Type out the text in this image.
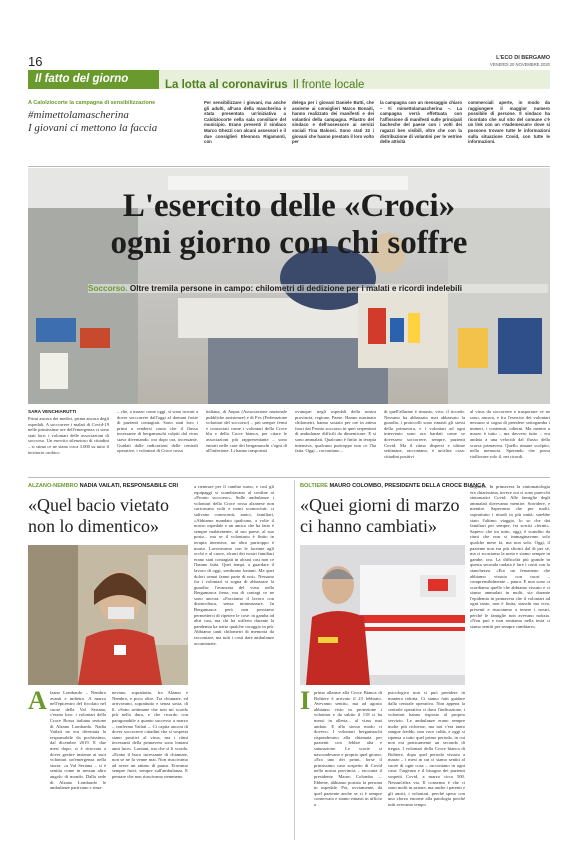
16	L'ECO DI BERGAMO
VENERDÌ 20 NOVEMBRE 2020
Il fatto del giorno	La lotta al coronavirus Il fronte locale
A Calolziocorte la campagna di sensibilizzazione
#mimettolamascherina
I giovani ci mettono la faccia
Per sensibilizzare i giovani, ma anche gli adulti, all'uso della mascherina è stata presentata un'iniziativa a Calolziocorte nella sala consiliare del municipio. Erano presenti il sindaco Marco Ghezzi con alcuni assessori e il due consiglieri Eleonora Rigamonti, con
delega per i giovani Daniele Butti, che assieme ai consiglieri Marco Bonaiti, hanno realizzato dei manifesti e dei volantini della campagna. Pilastro del sindaco e dell'assessore ai servizi sociali Tina Balossi. Sono stati 32 i giovani che hanno prestato il loro volto per
la campagna con un messaggio chiaro – #i mimettolamascherina –. La campagna verrà effettuata con l'affissione di manifesti sulle principali bacheche del paese con i volti dei ragazzi ben visibili, oltre che con la distribuzione di volantini per le vetrine delle attività
commerciali aperte, in modo da raggiungere il maggior numero possibile di persone. Il sindaco ha ricordato che sul sito del comune c'è un link con un «Vademecum» dove si possono trovare tutte le informazioni sulla situazione Covid, con tutte le informazioni.
L'esercito delle «Croci»
ogni giorno con chi soffre
Soccorso. Oltre tremila persone in campo: chilometri di dedizione per i malati e ricordi indelebili
SARA VENCHIARUTTI
Primi ancora dei medici, prima ancora degli ospedali. A soccorrere i malati di Covid-19 nelle primissime ore dell'emergenza ci sono stati loro: i volontari delle associazioni di soccorso. Un esercito silenzioso di cittadini – si stima ce ne siano circa 3.000 su tutto il territorio orobico
– che, a marzo come oggi, si sono trovati a dover soccorrere dall'oggi al domani frotte di pazienti contagiati. Sono stati loro i primi a rendersi conto che il flusso incessante di bergamaschi colpiti dal virus stava diventando, ora dopo ora, incessante. Guidati dalle indicazioni delle centrali operative, i volontari di Croce rossa
italiana, di Anpas (Associazione nazionale pubbliche assistenze) e di Fvs (Federazione volontari del soccorso) – più sempre fermi e consociati come i volontari della Croce blu e della Croce bianca, per citare le associazioni più rappresentante – sono entrati nelle case dei bergamaschi c'ogni dì all'infezione. Li hanno trasportati
ovunque: negli ospedali della nostra provincia, regione, Paese. Hanno macinato chilometri, hanno sostato per ore in attesa fuori dai Pronto soccorso in quei serpentoni di ambulanze difficili da dimenticare. E si sono ammalati. Qualcuno è finito in terapia intensiva, qualcuno purtroppo non ce l'ha fatta. Oggi – raccontano –
di quell'allarme è rimasto, vivo, il ricordo. Nessuno ha abbassato mai abbassato la guardia, i protocolli sono rimasti gli stessi della primavera, e i volontari ad ogni intervento sono ora bardati come se dovessero soccorrere, sempre, pazienti Covid. Ma il ritmo dispersi e ultime settimane, raccontano, è un'altra cosa: cittadini positivi
al virus da soccorrere e trasportare ce ne sono, ancora, e fra l'esercito dei volontari nessuno si sogna di prendere sottogamba i numeri, i contenuti, odierni. Ma mentre a marzo è tutto – ma davvero tutto – era andata a una velocità dal flusso della scorsa primavera. Quello rimane scolpito, nella memoria. Sperando che possa riaffiorare solo il, nei ricordi.
ALZANO-NEMBRO NADIA VAILATI, RESPONSABILE CRI
«Quel bacio vietato
non lo dimentico»
a rientrare per il cambio turno, e così gli equipaggi si scambiavano al confine ai «Pronto soccorso». Sulle ambulanze i volontari della Croce rossa alzanese non caricavano volti e nomi sconosciuti: ci salivano conoscenti, amici, familiari, «Abbiamo mandato qualcuno, a volte il nostro ospedale e un amico che ha fatto è sempre malatenente, al suo paese, al suo posto... ma se il volontario è finito in terapia intensiva, un altro purtroppo è morto. Lavoravamo con le lacrime agli occhi e al cuore, alcuni dei nostri familiari erano stati contagiati in alcuni casi non ce l'hanno fatta. Quei tempi, a guardare il lavoro di oggi, sembrano lontani. Ma quei dolori ormai fanno parte di noi». Nessuno fra i volontari si sogna di abbassare la guardia: l'avanzata del virus nella Bergamasca frena, ma di contagi ce ne sono ancora. «Facciamo il lavoro con disinvoltura, senza minimizzare. In Bergamasca però non possiamo permetterci di ripetere le cose: in gamba ad altri casi, ma chi ha sofferto durante la pandemia ha tratto qualche coraggio in più. Abbiamo tanti chilometri di memoria da raccontare, ma tutti i costi dare ambulanze accantonate.
A lzano Lombardo – Nembro avanti e indietro. A marzo nell'epicentro del focolaio nel cuore della Val Seriana, c'erano loro: i volontari della Croce Rossa italiana sezione di Alzano Lombardo. Nadia Vailati ne era diventata la responsabile da pochissimo, dal dicembre 2019. E due mesi dopo, si è ritrovata a dover gestire insieme ai suoi volontari un'emergenza nella storia: «a Val Seriana – si è sentita come in nessun altro angolo di mondo. Dalla sede di Alzano Lombardo le ambulanze partivano e rima-
nevano, soprattutto, fra Alzano e Nembro, e poco oltre. Tra chiamate, ed arrivavano, soprattutto e senza sosta, di lì. «Sono settimane che non mi scordo più nella dura, e che ricordo con paragonabile a quanto successo a marzo – conferma Vailati –. Ci capita ancora di dover soccorrere cittadini che si sospetta siano positivi al virus, ma i ritmi incessanti della primavera sono lontani anni luce». Lontani, ma che sì li scorda. «Erano il buco incessante di chiamate, non se ne fa venne mai. Non riuscivamo ad avere un attimo di pausa. Eravamo sempre fuori, sempre sull'ambulanza. E pensare che non riuscivamo nemmeno
BOLTIERE MAURO COLOMBO, PRESIDENTE DELLA CROCE BIANCA
«Quei giorni di marzo
ci hanno cambiati»
negativo. In primavera la sintomatologia era chiarissima, invece ora ci sono parecchi sintomatici Covid. Alle famiglie degli ammalati dovevamo mentire. Sorridere, e mentire. Sapevamo che per molti, soprattutto i ritardi in più unità, sarebbe stato l'ultimo viaggio, lo so che dai familiari per sempre, fra sorrisi «fermi». Sapevo che tra tutto, oggi, è scandito da ritmi che non si immaginavano solo qualche mese fa, ma non solo. Oggi, il paziente non era più sfioriti dal di per sé, ma ci scorriamo la meta e siamo sempre in gambe, ora. La difficoltà più grande in questa seconda ondata è fare i conti con la stanchezza. «Ero un fenomeno che abbiamo vissuto con cuori – comprensibilmente – paura. E non sono ci scordiamo quello che abbiamo vissuto e ci siamo ammalati in molti, sia durante l'epidemia in primavera che il volontari ad ogni tanto, non è finita, stanchi ma viva, presenti e riuscimmo a tenere i nostri, perché le famiglie non avevano notizia. «Non può e non sentiamo nella testa ci siamo sentiti per sempre cambiare».
I primo allarme alla Croce Bianca di Boltiere è arrivato il 23 febbraio. Avevamo sentito, ma ad agosto abbiamo visto in protezione i volontari e da subito il 118 ci ha messi in allerta... al virus mai andato. E allo stesso modo ci dovevo. I volontari bergamaschi rispondevano alla chiamata per pazienti con febbre alta e saturazione. Le scorte si nascondevano e proprio quel giorno, «Era uno dei primi, forse il primissimo caso sospetto di Covid nella nostra provincia – racconta il presidente Mauro Colombo –. Ebbene, abbiamo portato la persona in ospedale. Poi, ovviamente, da quel paziente anche se si è sempre conservato e siamo rimasti in ufficio a
psicologico non si può prendere in maniera ridotta. Ci siamo fatti guidare dalla centrale operativa. Non appena la centrale operativa ci dava l'indicazione, i volontari hanno risposto al proprio servizio. Le ambulanze erano sempre molte più richieste, ma noi c'era tanto sangue freddo, una voce calda, e oggi si ripensa a tutto quel primo periodo, in cui non era praticamente un secondo di tregua. I volontari della Croce bianca di Boltiere, dopo quel periodo vissuto a marzo – i mesi in cui ci siamo sentiti al cuore di ogni cosa – raccontano in ogni caso: l'urgenza e il bisogno dei pazienti sospetti Covid, a marzo circa 500. Nessun'altra via. Il consenso è che ci sono molti in azione, ma anche i parenti e gli amici, i volontari, perché speso con uno sforzo enorme alla patologia poiché tutti avevamo tempo
